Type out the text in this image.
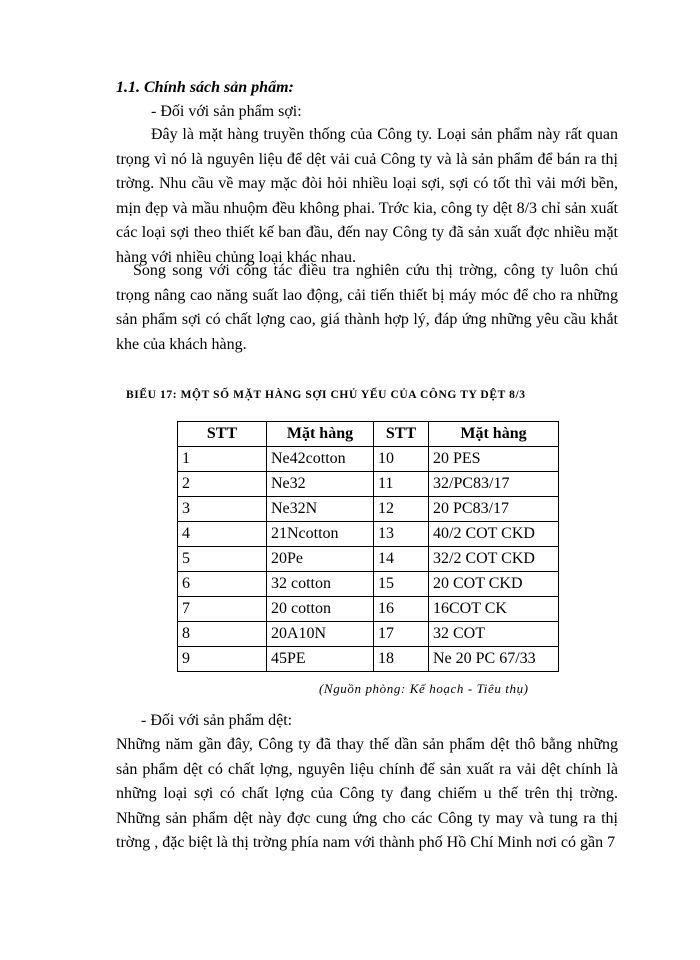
1.1. Chính sách sản phẩm:
- Đối với sản phẩm sợi:

Đây là mặt hàng truyền thống của Công ty. Loại sản phẩm này rất quan trọng vì nó là nguyên liệu để dệt vải cuả Công ty và là sản phẩm để bán ra thị trờng. Nhu cầu về may mặc đòi hỏi nhiều loại sợi, sợi có tốt thì vải mới bền, mịn đẹp và mầu nhuộm đều không phai. Trớc kia, công ty dệt 8/3 chỉ sản xuất các loại sợi theo thiết kế ban đầu, đến nay Công ty đã sản xuất đợc nhiều mặt hàng với nhiều chủng loại khác nhau.

Song song với công tác điều tra nghiên cứu thị trờng, công ty luôn chú trọng nâng cao năng suất lao động, cải tiến thiết bị máy móc để cho ra những sản phẩm sợi có chất lợng cao, giá thành hợp lý, đáp ứng những yêu cầu khắt khe của khách hàng.

BIỂU 17: MỘT SỐ MẶT HÀNG SỢI CHỦ YẾU CỦA CÔNG TY DỆT 8/3
STT	Mặt hàng	STT	Mặt hàng
1	Ne42cotton	10	20 PES
2	Ne32	11	32/PC83/17
3	Ne32N	12	20 PC83/17
4	21Ncotton	13	40/2 COT CKD
5	20Pe	14	32/2 COT CKD
6	32 cotton	15	20 COT CKD
7	20 cotton	16	16COT CK
8	20A10N	17	32 COT
9	45PE	18	Ne 20 PC 67/33
(Nguồn phòng: Kế hoạch - Tiêu thụ)
- Đối với sản phẩm dệt:

Những năm gần đây, Công ty đã thay thế dần sản phẩm dệt thô bằng những sản phẩm dệt có chất lợng, nguyên liệu chính để sản xuất ra vải dệt chính là những loại sợi có chất lợng của Công ty đang chiếm u thế trên thị trờng. Những sản phẩm dệt này đợc cung ứng cho các Công ty may và tung ra thị trờng , đặc biệt là thị trờng phía nam với thành phố Hồ Chí Minh nơi có gần 7
